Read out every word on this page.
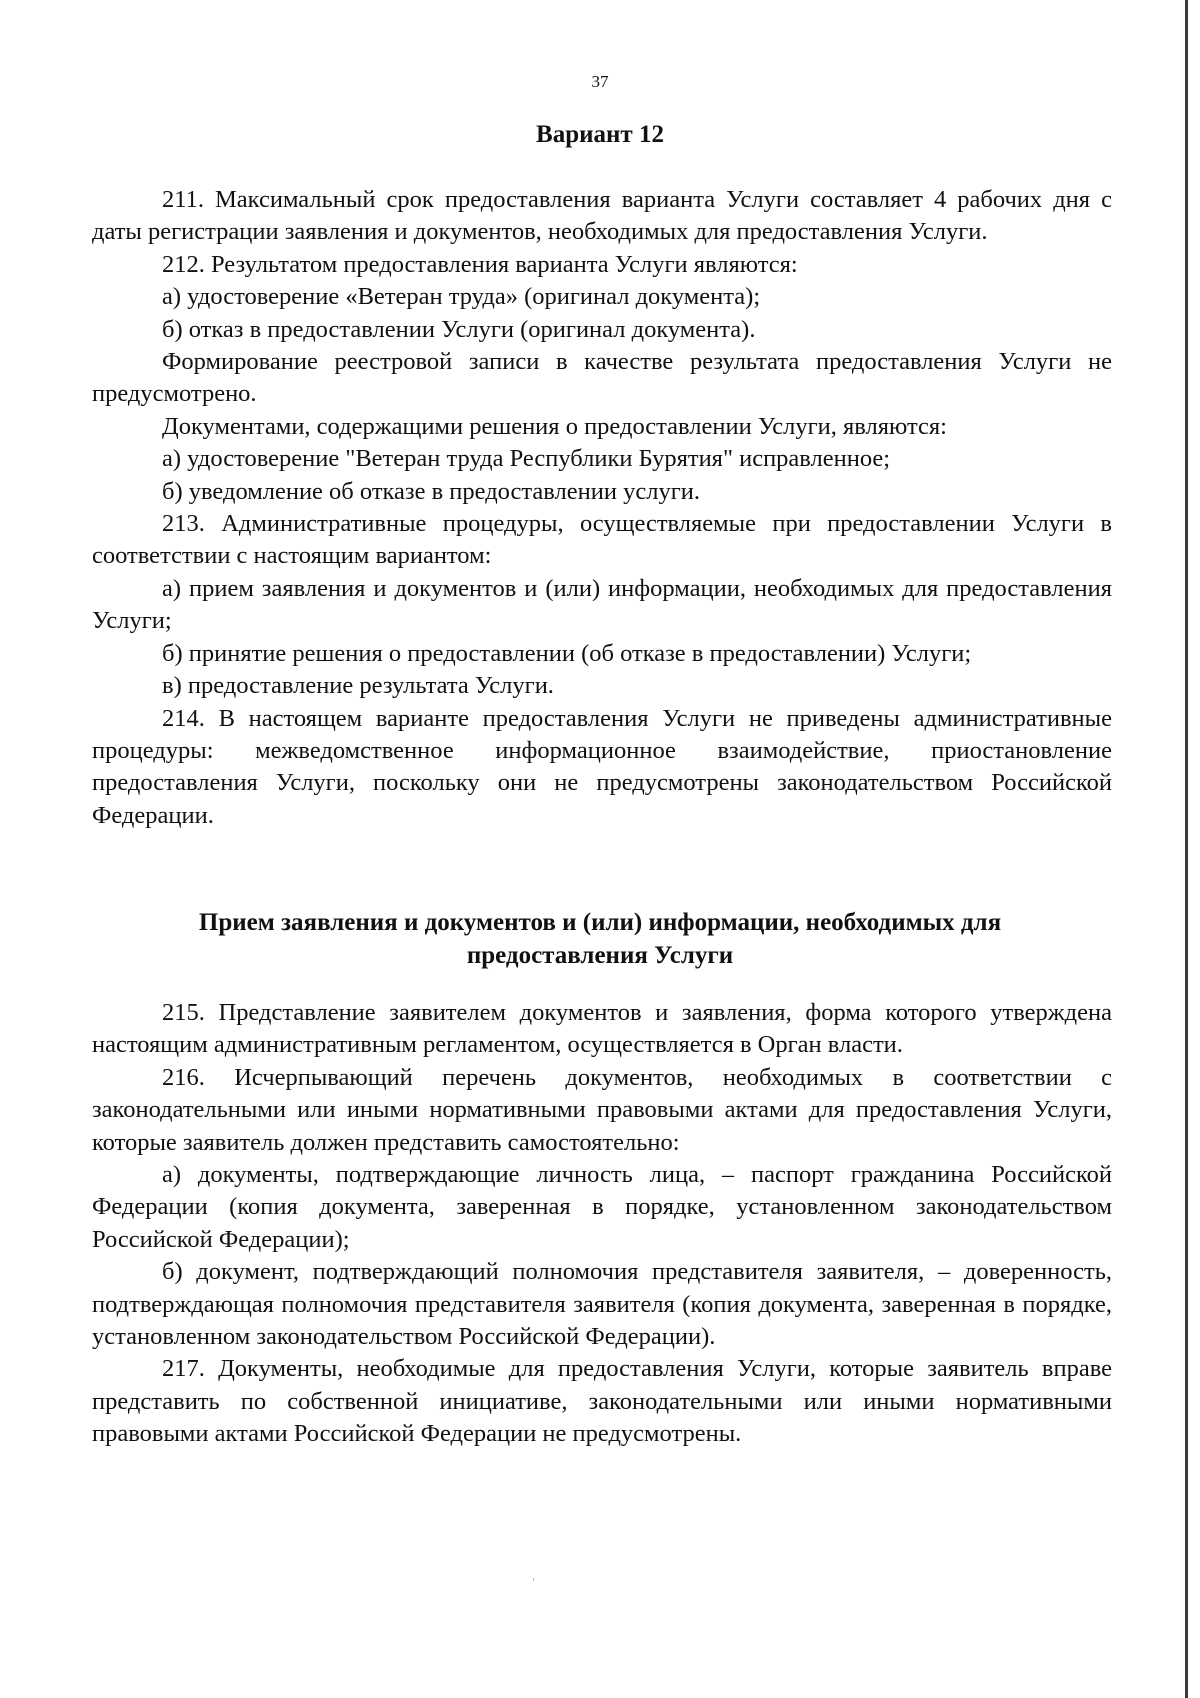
37
Вариант 12

211. Максимальный срок предоставления варианта Услуги составляет 4 рабочих дня с даты регистрации заявления и документов, необходимых для предоставления Услуги.

212. Результатом предоставления варианта Услуги являются:

а) удостоверение «Ветеран труда» (оригинал документа);

б) отказ в предоставлении Услуги (оригинал документа).

Формирование реестровой записи в качестве результата предоставления Услуги не предусмотрено.

Документами, содержащими решения о предоставлении Услуги, являются:

а) удостоверение "Ветеран труда Республики Бурятия" исправленное;

б) уведомление об отказе в предоставлении услуги.

213. Административные процедуры, осуществляемые при предоставлении Услуги в соответствии с настоящим вариантом:

а) прием заявления и документов и (или) информации, необходимых для предоставления Услуги;

б) принятие решения о предоставлении (об отказе в предоставлении) Услуги;

в) предоставление результата Услуги.

214. В настоящем варианте предоставления Услуги не приведены административные процедуры: межведомственное информационное взаимодействие, приостановление предоставления Услуги, поскольку они не предусмотрены законодательством Российской Федерации.

Прием заявления и документов и (или) информации, необходимых для
предоставления Услуги

215. Представление заявителем документов и заявления, форма которого утверждена настоящим административным регламентом, осуществляется в Орган власти.

216. Исчерпывающий перечень документов, необходимых в соответствии с законодательными или иными нормативными правовыми актами для предоставления Услуги, которые заявитель должен представить самостоятельно:

а) документы, подтверждающие личность лица, – паспорт гражданина Российской Федерации (копия документа, заверенная в порядке, установленном законодательством Российской Федерации);

б) документ, подтверждающий полномочия представителя заявителя, – доверенность, подтверждающая полномочия представителя заявителя (копия документа, заверенная в порядке, установленном законодательством Российской Федерации).

217. Документы, необходимые для предоставления Услуги, которые заявитель вправе представить по собственной инициативе, законодательными или иными нормативными правовыми актами Российской Федерации не предусмотрены.
